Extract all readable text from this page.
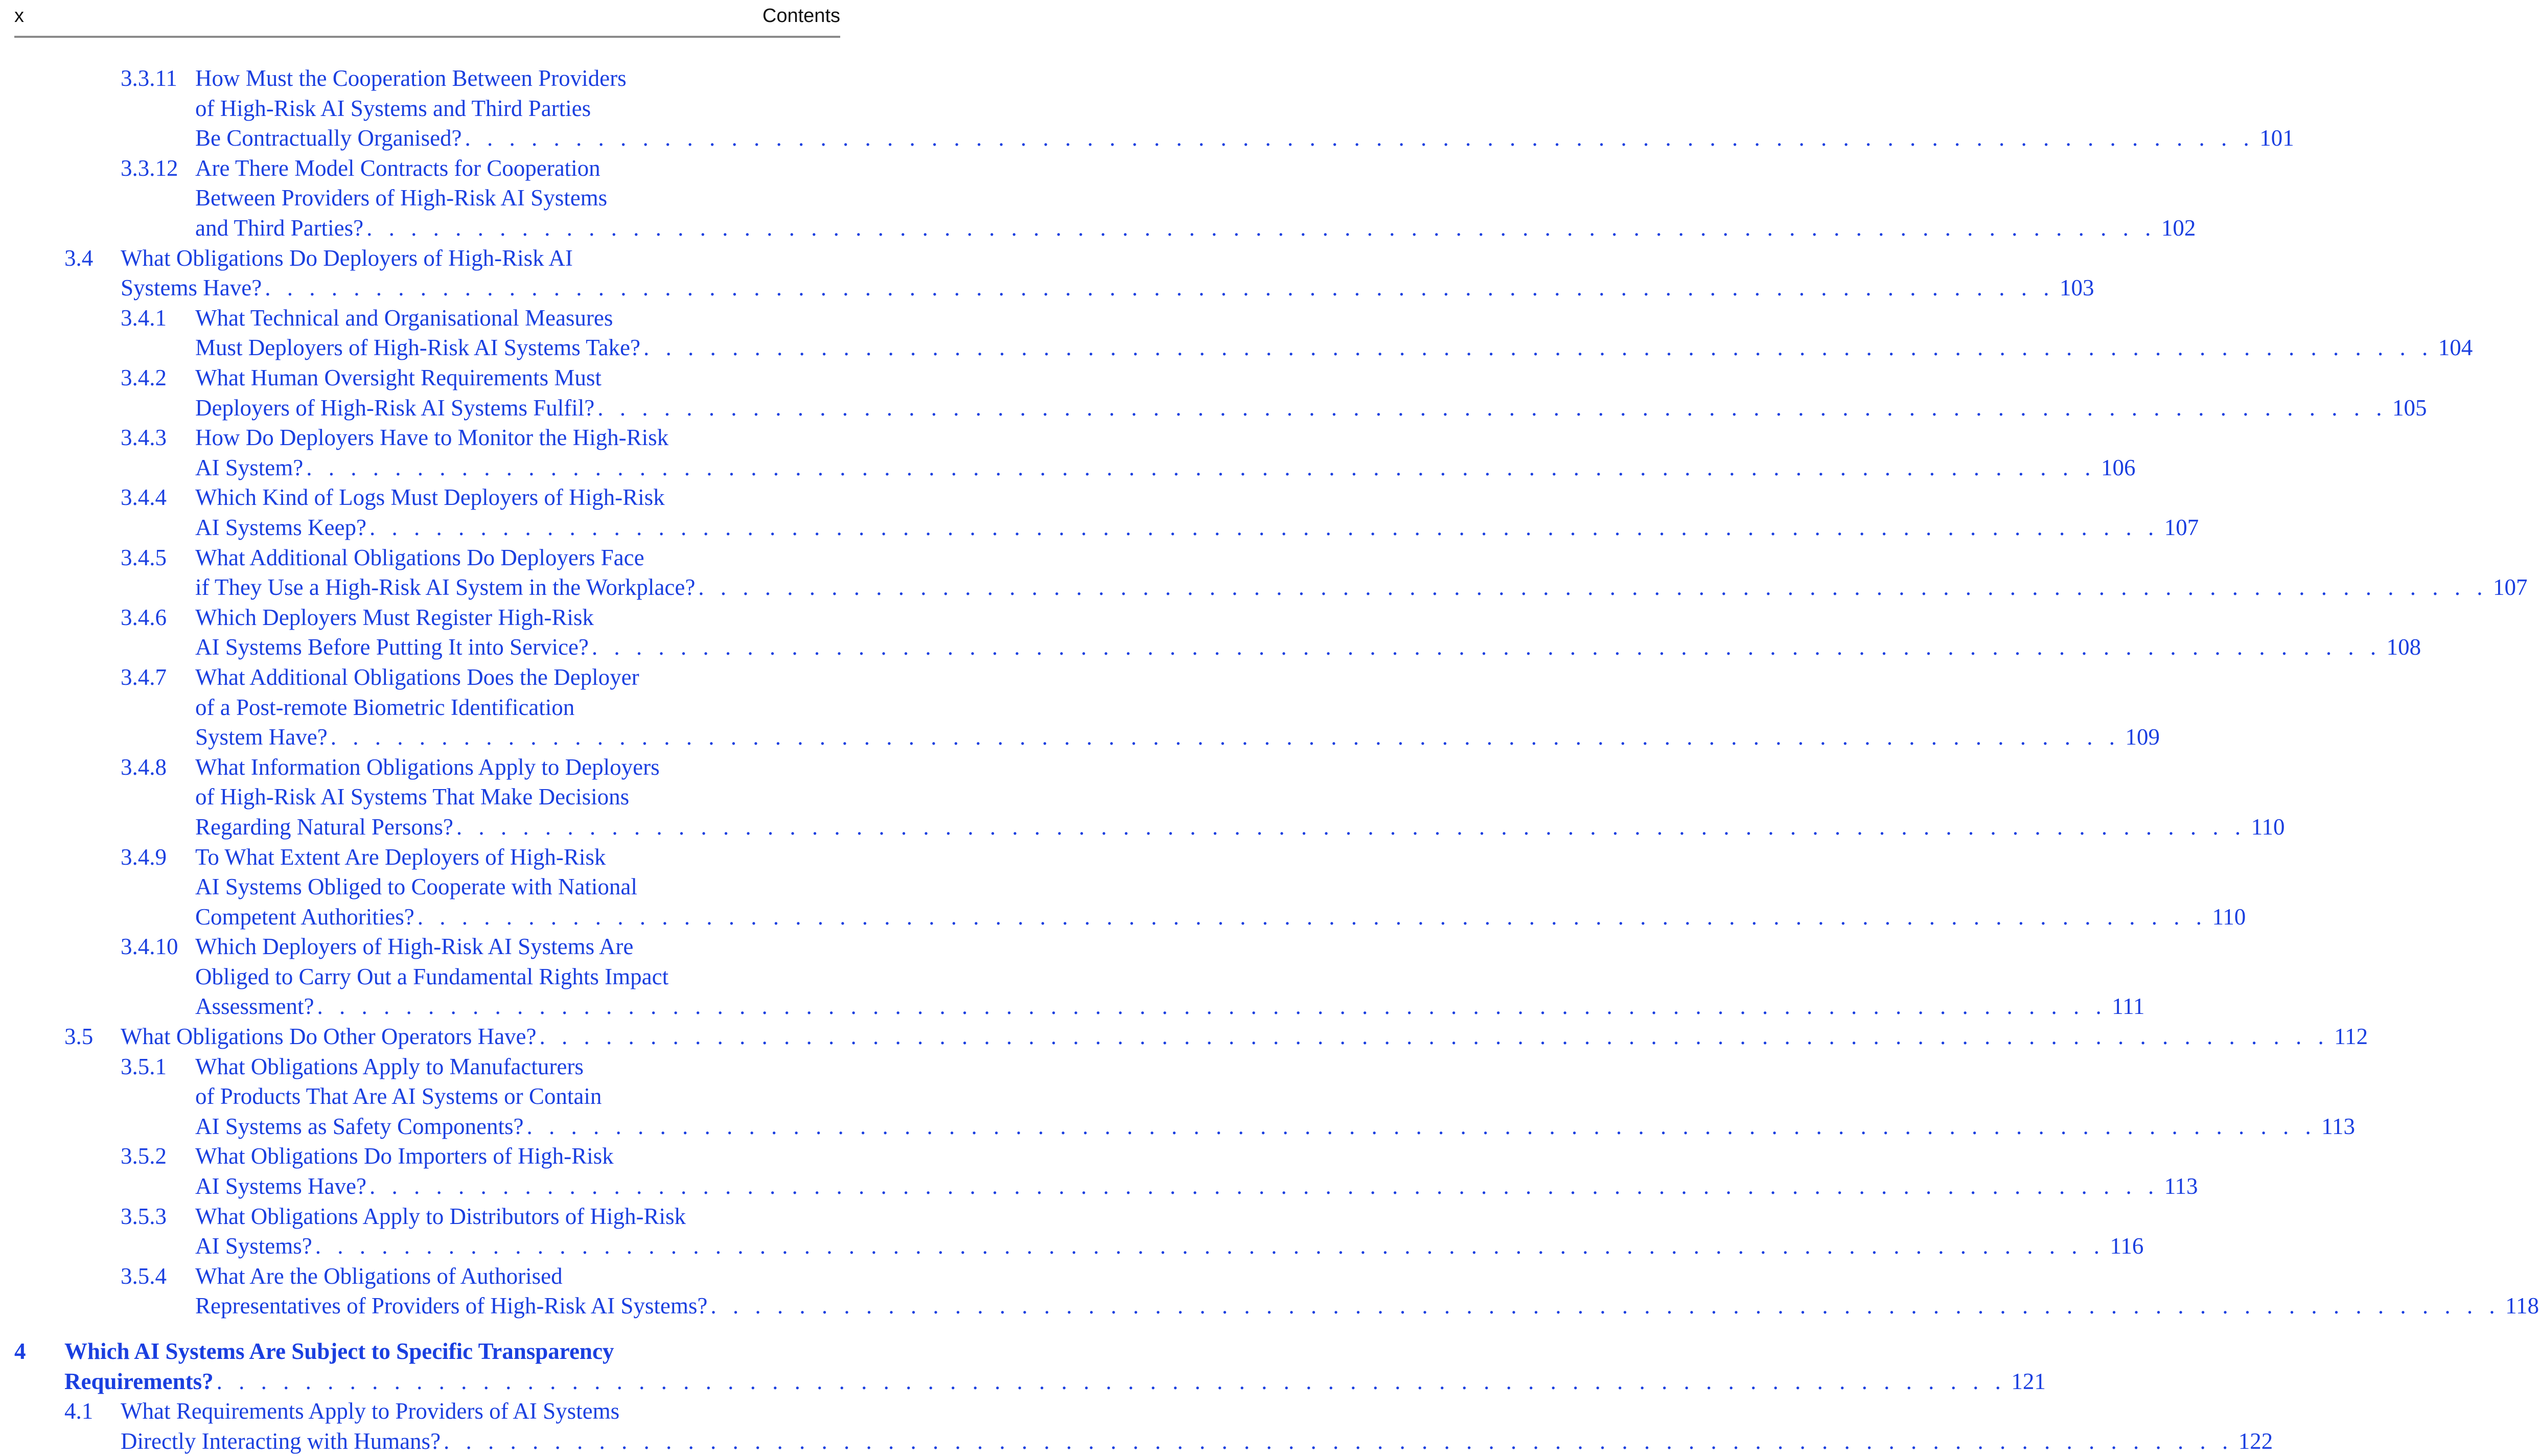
x	Contents
3.3.11 How Must the Cooperation Between Providers
of High-Risk AI Systems and Third Parties
Be Contractually Organised? . . . . . . . . . . . . . . . . . . . . . . . . . . . . . . . . . . . . . . . . . . . . . . . . . . . . . . . . . . . . . . . . . . . . . . . . . . . . . . . . . 101
3.3.12 Are There Model Contracts for Cooperation
Between Providers of High-Risk AI Systems
and Third Parties? . . . . . . . . . . . . . . . . . . . . . . . . . . . . . . . . . . . . . . . . . . . . . . . . . . . . . . . . . . . . . . . . . . . . . . . . . . . . . . . . . 102
3.4 What Obligations Do Deployers of High-Risk AI
Systems Have? . . . . . . . . . . . . . . . . . . . . . . . . . . . . . . . . . . . . . . . . . . . . . . . . . . . . . . . . . . . . . . . . . . . . . . . . . . . . . . . . . 103
3.4.1 What Technical and Organisational Measures
Must Deployers of High-Risk AI Systems Take? . . . . . . . . . . . . . . . . . . . . . . . . . . . . . . . . . . . . . . . . . . . . . . . . . . . . . . . . . . . . . . . . . . . . . . . . . . . . . . . . . 104
3.4.2 What Human Oversight Requirements Must
Deployers of High-Risk AI Systems Fulfil? . . . . . . . . . . . . . . . . . . . . . . . . . . . . . . . . . . . . . . . . . . . . . . . . . . . . . . . . . . . . . . . . . . . . . . . . . . . . . . . . . 105
3.4.3 How Do Deployers Have to Monitor the High-Risk
AI System? . . . . . . . . . . . . . . . . . . . . . . . . . . . . . . . . . . . . . . . . . . . . . . . . . . . . . . . . . . . . . . . . . . . . . . . . . . . . . . . . . 106
3.4.4 Which Kind of Logs Must Deployers of High-Risk
AI Systems Keep? . . . . . . . . . . . . . . . . . . . . . . . . . . . . . . . . . . . . . . . . . . . . . . . . . . . . . . . . . . . . . . . . . . . . . . . . . . . . . . . . . 107
3.4.5 What Additional Obligations Do Deployers Face
if They Use a High-Risk AI System in the Workplace? . . . . . . . . . . . . . . . . . . . . . . . . . . . . . . . . . . . . . . . . . . . . . . . . . . . . . . . . . . . . . . . . . . . . . . . . . . . . . . . . . 107
3.4.6 Which Deployers Must Register High-Risk
AI Systems Before Putting It into Service? . . . . . . . . . . . . . . . . . . . . . . . . . . . . . . . . . . . . . . . . . . . . . . . . . . . . . . . . . . . . . . . . . . . . . . . . . . . . . . . . . 108
3.4.7 What Additional Obligations Does the Deployer
of a Post-remote Biometric Identification
System Have? . . . . . . . . . . . . . . . . . . . . . . . . . . . . . . . . . . . . . . . . . . . . . . . . . . . . . . . . . . . . . . . . . . . . . . . . . . . . . . . . . 109
3.4.8 What Information Obligations Apply to Deployers
of High-Risk AI Systems That Make Decisions
Regarding Natural Persons? . . . . . . . . . . . . . . . . . . . . . . . . . . . . . . . . . . . . . . . . . . . . . . . . . . . . . . . . . . . . . . . . . . . . . . . . . . . . . . . . . 110
3.4.9 To What Extent Are Deployers of High-Risk
AI Systems Obliged to Cooperate with National
Competent Authorities? . . . . . . . . . . . . . . . . . . . . . . . . . . . . . . . . . . . . . . . . . . . . . . . . . . . . . . . . . . . . . . . . . . . . . . . . . . . . . . . . . 110
3.4.10 Which Deployers of High-Risk AI Systems Are
Obliged to Carry Out a Fundamental Rights Impact
Assessment? . . . . . . . . . . . . . . . . . . . . . . . . . . . . . . . . . . . . . . . . . . . . . . . . . . . . . . . . . . . . . . . . . . . . . . . . . . . . . . . . . 111
3.5 What Obligations Do Other Operators Have? . . . . . . . . . . . . . . . . . . . . . . . . . . . . . . . . . . . . . . . . . . . . . . . . . . . . . . . . . . . . . . . . . . . . . . . . . . . . . . . . . 112
3.5.1 What Obligations Apply to Manufacturers
of Products That Are AI Systems or Contain
AI Systems as Safety Components? . . . . . . . . . . . . . . . . . . . . . . . . . . . . . . . . . . . . . . . . . . . . . . . . . . . . . . . . . . . . . . . . . . . . . . . . . . . . . . . . . 113
3.5.2 What Obligations Do Importers of High-Risk
AI Systems Have? . . . . . . . . . . . . . . . . . . . . . . . . . . . . . . . . . . . . . . . . . . . . . . . . . . . . . . . . . . . . . . . . . . . . . . . . . . . . . . . . . 113
3.5.3 What Obligations Apply to Distributors of High-Risk
AI Systems? . . . . . . . . . . . . . . . . . . . . . . . . . . . . . . . . . . . . . . . . . . . . . . . . . . . . . . . . . . . . . . . . . . . . . . . . . . . . . . . . . 116
3.5.4 What Are the Obligations of Authorised
Representatives of Providers of High-Risk AI Systems? . . . . . . . . . . . . . . . . . . . . . . . . . . . . . . . . . . . . . . . . . . . . . . . . . . . . . . . . . . . . . . . . . . . . . . . . . . . . . . . . . 118
4 Which AI Systems Are Subject to Specific Transparency
Requirements? . . . . . . . . . . . . . . . . . . . . . . . . . . . . . . . . . . . . . . . . . . . . . . . . . . . . . . . . . . . . . . . . . . . . . . . . . . . . . . . . . 121
4.1 What Requirements Apply to Providers of AI Systems
Directly Interacting with Humans? . . . . . . . . . . . . . . . . . . . . . . . . . . . . . . . . . . . . . . . . . . . . . . . . . . . . . . . . . . . . . . . . . . . . . . . . . . . . . . . . . 122
